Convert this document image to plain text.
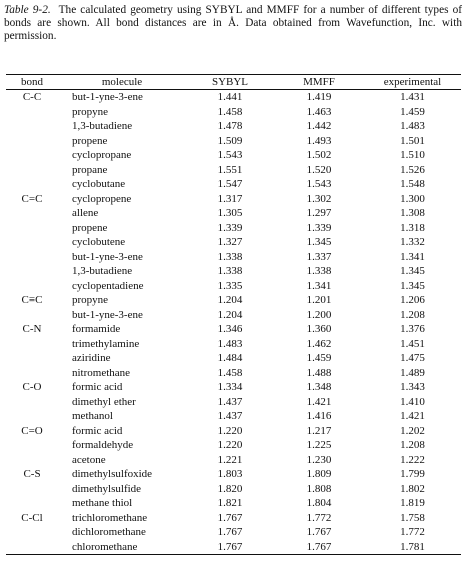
Table 9-2. The calculated geometry using SYBYL and MMFF for a number of different types of bonds are shown. All bond distances are in Å. Data obtained from Wavefunction, Inc. with permission.

bond	molecule	SYBYL	MMFF	experimental
C-C	but-1-yne-3-ene	1.441	1.419	1.431
	propyne	1.458	1.463	1.459
	1,3-butadiene	1.478	1.442	1.483
	propene	1.509	1.493	1.501
	cyclopropane	1.543	1.502	1.510
	propane	1.551	1.520	1.526
	cyclobutane	1.547	1.543	1.548
C=C	cyclopropene	1.317	1.302	1.300
	allene	1.305	1.297	1.308
	propene	1.339	1.339	1.318
	cyclobutene	1.327	1.345	1.332
	but-1-yne-3-ene	1.338	1.337	1.341
	1,3-butadiene	1.338	1.338	1.345
	cyclopentadiene	1.335	1.341	1.345
C≡C	propyne	1.204	1.201	1.206
	but-1-yne-3-ene	1.204	1.200	1.208
C-N	formamide	1.346	1.360	1.376
	trimethylamine	1.483	1.462	1.451
	aziridine	1.484	1.459	1.475
	nitromethane	1.458	1.488	1.489
C-O	formic acid	1.334	1.348	1.343
	dimethyl ether	1.437	1.421	1.410
	methanol	1.437	1.416	1.421
C=O	formic acid	1.220	1.217	1.202
	formaldehyde	1.220	1.225	1.208
	acetone	1.221	1.230	1.222
C-S	dimethylsulfoxide	1.803	1.809	1.799
	dimethylsulfide	1.820	1.808	1.802
	methane thiol	1.821	1.804	1.819
C-Cl	trichloromethane	1.767	1.772	1.758
	dichloromethane	1.767	1.767	1.772
	chloromethane	1.767	1.767	1.781
